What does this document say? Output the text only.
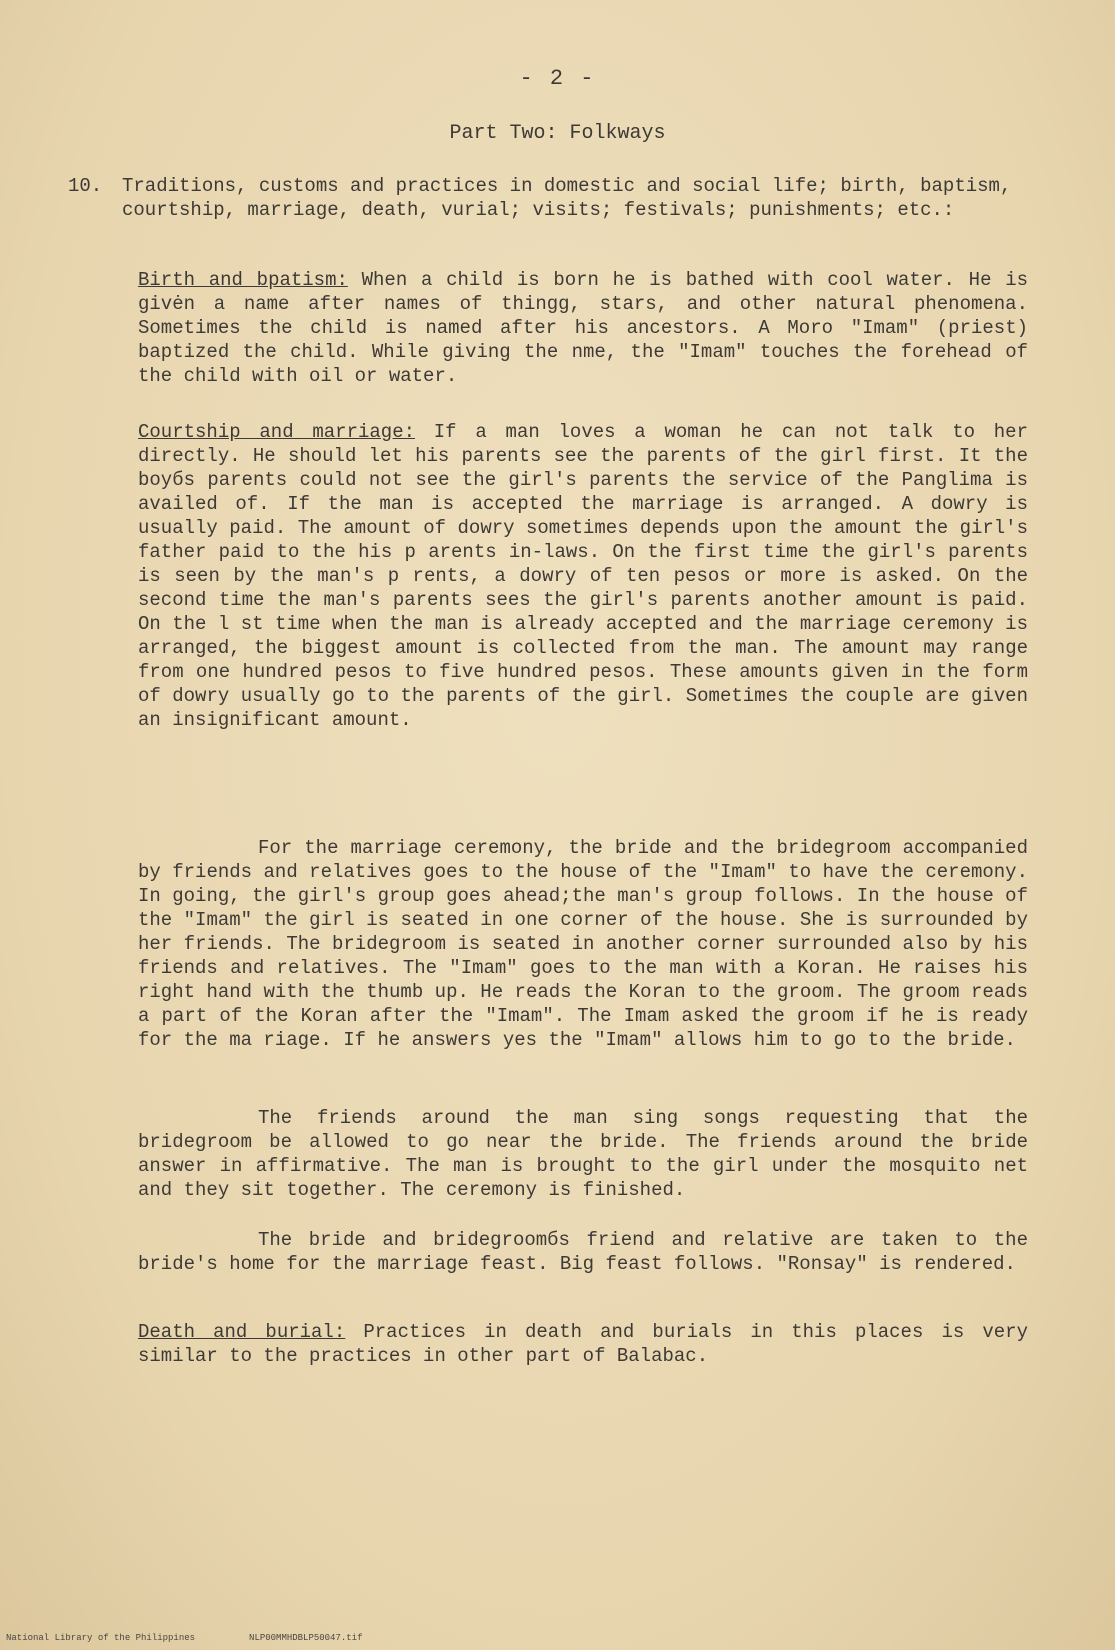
- 2 -
Part Two: Folkways
10. Traditions, customs and practices in domestic and social life; birth, baptism, courtship, marriage, death, vurial; visits; festivals; punishments; etc.:
Birth and bpatism: When a child is born he is bathed with cool water. He is givėn a name after names of thingg, stars, and other natural phenomena. Sometimes the child is named after his ancestors. A Moro "Imam" (priest) baptized the child. While giving the nme, the "Imam" touches the forehead of the child with oil or water.
Courtship and marriage: If a man loves a woman he can not talk to her directly. He should let his parents see the parents of the girl first. It the boyбs parents could not see the girl's parents the service of the Panglima is availed of. If the man is accepted the marriage is arranged. A dowry is usually paid. The amount of dowry sometimes depends upon the amount the girl's father paid to the his p arents in-laws. On the first time the girl's parents is seen by the man's p rents, a dowry of ten pesos or more is asked. On the second time the man's parents sees the girl's parents another amount is paid. On the l st time when the man is already accepted and the marriage ceremony is arranged, the biggest amount is collected from the man. The amount may range from one hundred pesos to five hundred pesos. These amounts given in the form of dowry usually go to the parents of the girl. Sometimes the couple are given an insignificant amount.
For the marriage ceremony, the bride and the bridegroom accompanied by friends and relatives goes to the house of the "Imam" to have the ceremony. In going, the girl's group goes ahead;the man's group follows. In the house of the "Imam" the girl is seated in one corner of the house. She is surrounded by her friends. The bridegroom is seated in another corner surrounded also by his friends and relatives. The "Imam" goes to the man with a Koran. He raises his right hand with the thumb up. He reads the Koran to the groom. The groom reads a part of the Koran after the "Imam". The Imam asked the groom if he is ready for the ma riage. If he answers yes the "Imam" allows him to go to the bride.
The friends around the man sing songs requesting that the bridegroom be allowed to go near the bride. The friends around the bride answer in affirmative. The man is brought to the girl under the mosquito net and they sit together. The ceremony is finished.
The bride and bridegroomбs friend and relative are taken to the bride's home for the marriage feast. Big feast follows. "Ronsay" is rendered.
Death and burial: Practices in death and burials in this places is very similar to the practices in other part of Balabac.
National Library of the Philippines	NLP00MMHDBLP50047.tif
